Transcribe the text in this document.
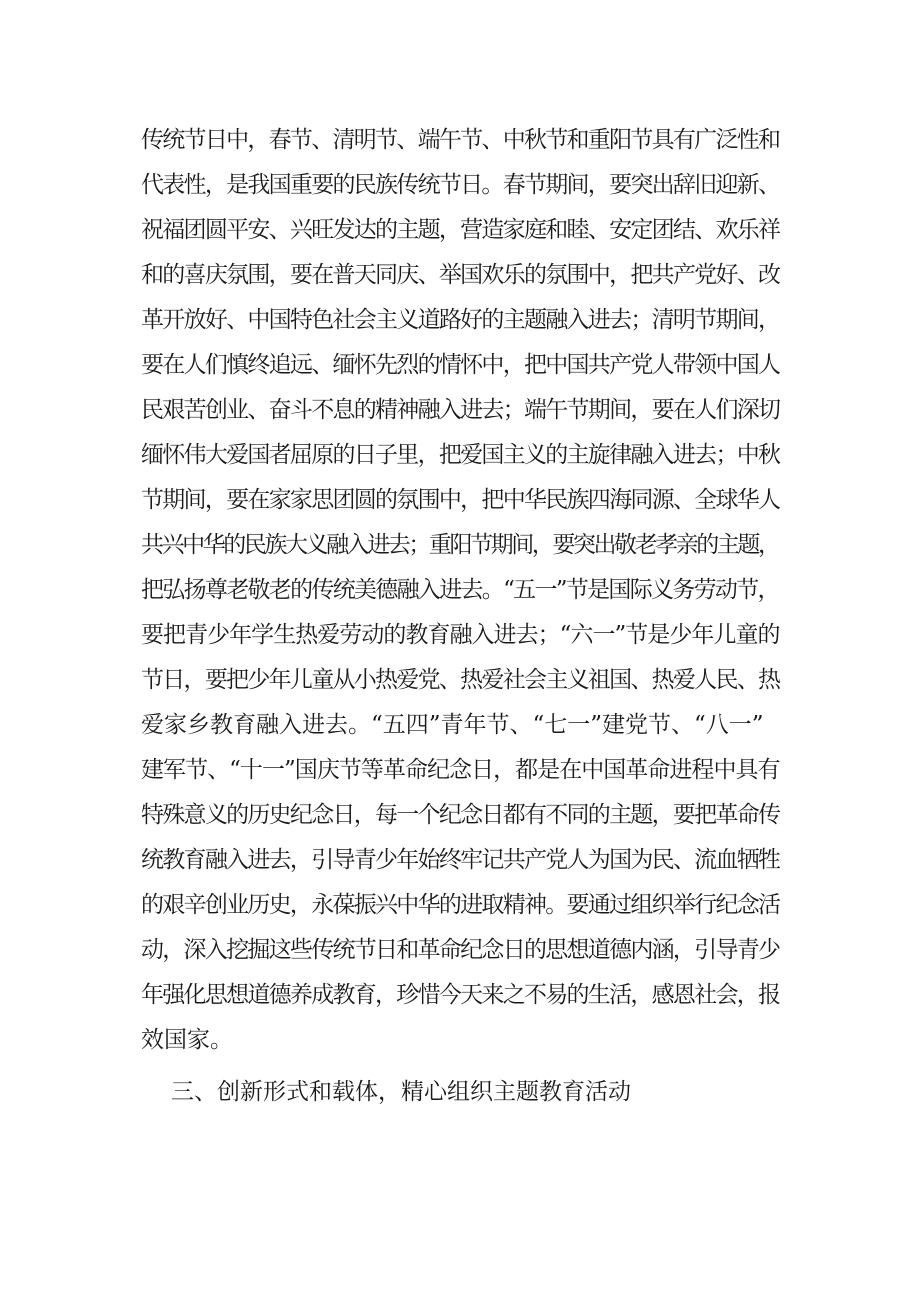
传统节日中，春节、清明节、端午节、中秋节和重阳节具有广泛性和
代表性，是我国重要的民族传统节日。春节期间，要突出辞旧迎新、
祝福团圆平安、兴旺发达的主题，营造家庭和睦、安定团结、欢乐祥
和的喜庆氛围，要在普天同庆、举国欢乐的氛围中，把共产党好、改
革开放好、中国特色社会主义道路好的主题融入进去；清明节期间，
要在人们慎终追远、缅怀先烈的情怀中，把中国共产党人带领中国人
民艰苦创业、奋斗不息的精神融入进去；端午节期间，要在人们深切
缅怀伟大爱国者屈原的日子里，把爱国主义的主旋律融入进去；中秋
节期间，要在家家思团圆的氛围中，把中华民族四海同源、全球华人
共兴中华的民族大义融入进去；重阳节期间，要突出敬老孝亲的主题，
把弘扬尊老敬老的传统美德融入进去。“五一”节是国际义务劳动节，
要把青少年学生热爱劳动的教育融入进去；“六一”节是少年儿童的
节日，要把少年儿童从小热爱党、热爱社会主义祖国、热爱人民、热
爱家乡教育融入进去。“五四”青年节、“七一”建党节、“八一”
建军节、“十一”国庆节等革命纪念日，都是在中国革命进程中具有
特殊意义的历史纪念日，每一个纪念日都有不同的主题，要把革命传
统教育融入进去，引导青少年始终牢记共产党人为国为民、流血牺牲
的艰辛创业历史，永葆振兴中华的进取精神。要通过组织举行纪念活
动，深入挖掘这些传统节日和革命纪念日的思想道德内涵，引导青少
年强化思想道德养成教育，珍惜今天来之不易的生活，感恩社会，报
效国家。
三、创新形式和载体，精心组织主题教育活动
